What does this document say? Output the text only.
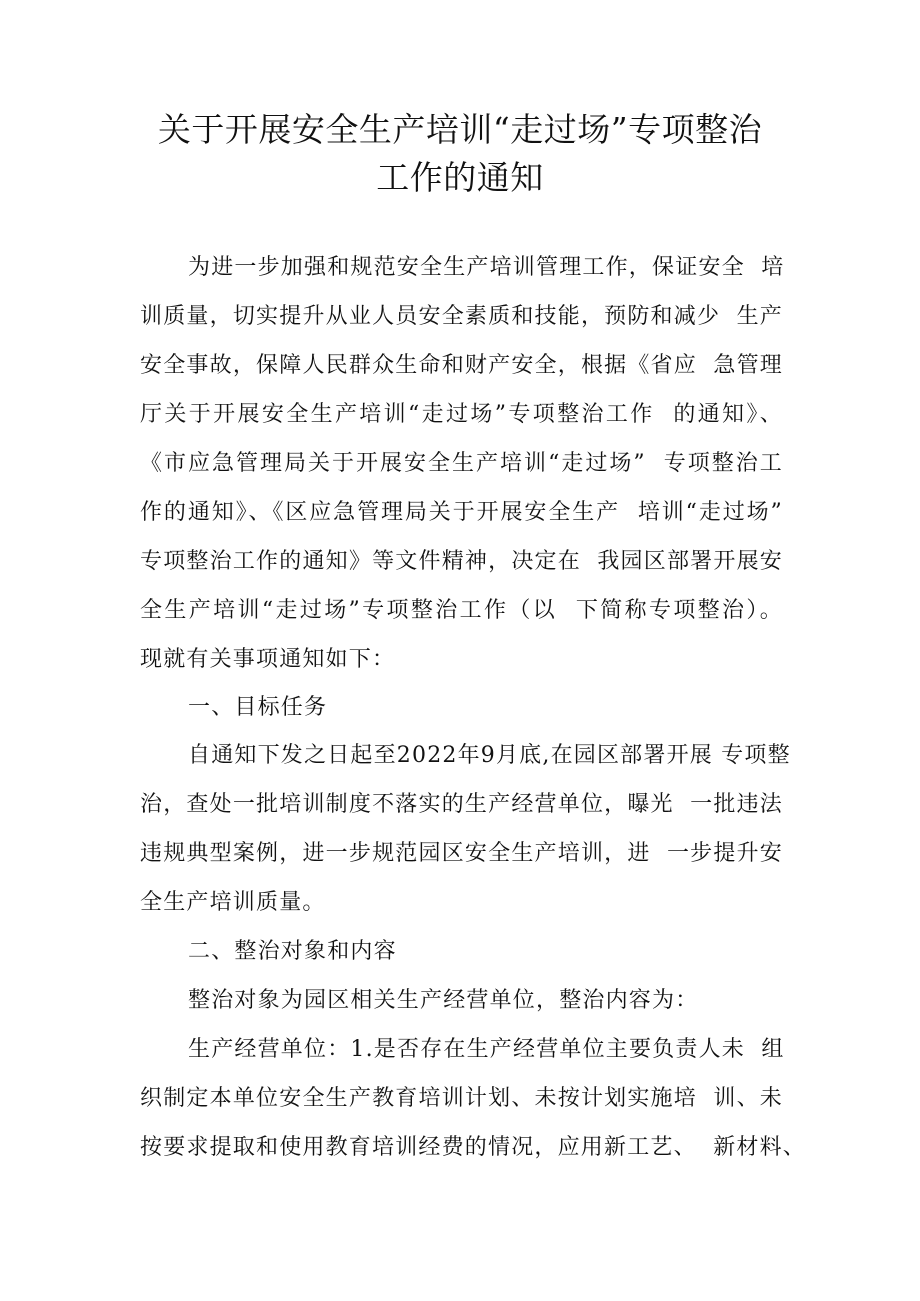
关于开展安全生产培训“走过场”专项整治
工作的通知
为进一步加强和规范安全生产培训管理工作，保证安全  培
训质量，切实提升从业人员安全素质和技能，预防和减少  生产
安全事故，保障人民群众生命和财产安全，根据《省应  急管理
厅关于开展安全生产培训“走过场”专项整治工作  的通知》、
《市应急管理局关于开展安全生产培训“走过场”  专项整治工
作的通知》、《区应急管理局关于开展安全生产  培训“走过场”
专项整治工作的通知》等文件精神，决定在  我园区部署开展安
全生产培训“走过场”专项整治工作（以  下简称专项整治）。
现就有关事项通知如下：
一、目标任务
自通知下发之日起至2022年9月底,在园区部署开展 专项整
治，查处一批培训制度不落实的生产经营单位，曝光  一批违法
违规典型案例，进一步规范园区安全生产培训，进  一步提升安
全生产培训质量。
二、整治对象和内容
整治对象为园区相关生产经营单位，整治内容为：
生产经营单位：1.是否存在生产经营单位主要负责人未  组
织制定本单位安全生产教育培训计划、未按计划实施培  训、未
按要求提取和使用教育培训经费的情况，应用新工艺、  新材料、
